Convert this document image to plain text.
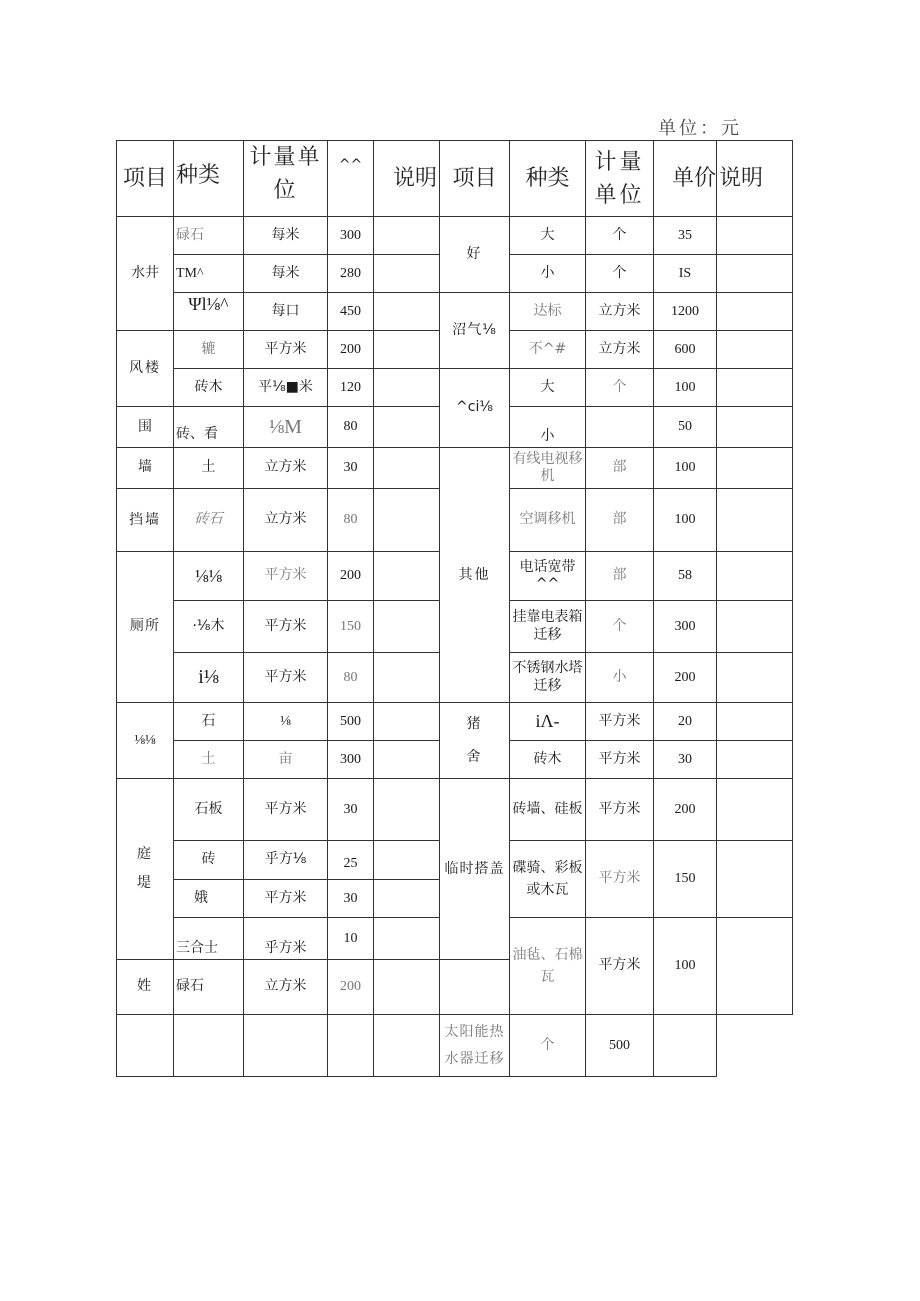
单位：元
项目	种类	计量单位	^^	说明	项目	种类	计量单位	单价	说明
水井	碌石	每米	300		好	大	个	35	
	TM^	每米	280			小	个	IS	
	Ψl⅛^	每口	450		沼气⅛	达标	立方米	1200	
风楼	辘	平方米	200			不^#	立方米	600	
	砖木	平⅛■米	120		^ci⅛	大	个	100	
围	砖、看	⅛M	80			小		50	
墙	土	立方米	30		其他	有线电视移机	部	100	
挡墙	砖石	立方米	80			空调移机	部	100	
厕所	⅛⅛	平方米	200			电话宽带^^	部	58	
	·⅛木	平方米	150			挂靠电表箱迁移	个	300	
	i⅛	平方米	80			不锈钢水塔迁移	小	200	
⅛⅛	石	⅛	500		猪舍	iΛ-	平方米	20	
	土	亩	300			砖木	平方米	30	
庭堤	石板	平方米	30		临时搭盖	砖墙、硅板	平方米	200	
	砖	乎方⅛	25			碟骑、彩板或木瓦	平方米	150	
	娥	平方米	30						
	三合士	乎方米	10			油毡、石棉瓦	平方米	100	
姓	碌石	立方米	200						
					太阳能热水器迁移	个	500		
